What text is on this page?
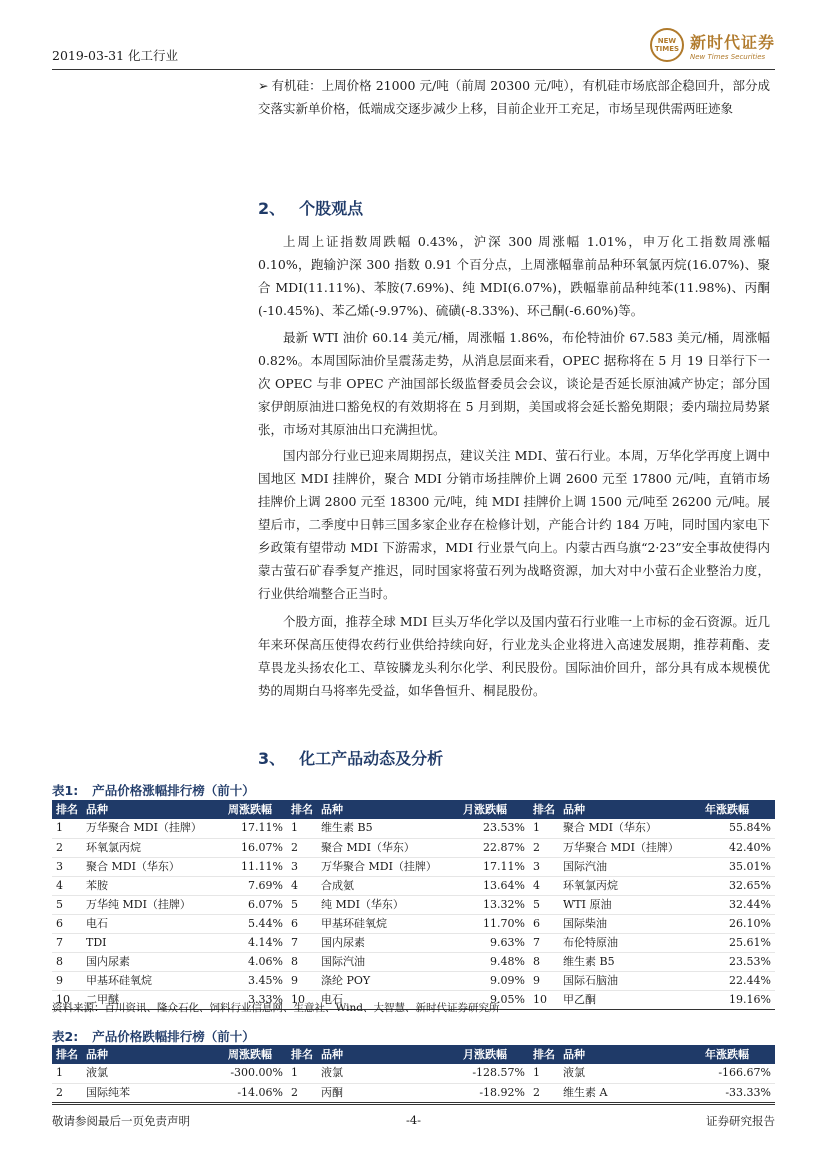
2019-03-31 化工行业
NEW TIMES 新时代证券
New Times Securities
➢ 有机硅：上周价格 21000 元/吨（前周 20300 元/吨），有机硅市场底部企稳回升，部分成交落实新单价格，低端成交逐步减少上移，目前企业开工充足，市场呈现供需两旺迹象
2、 个股观点
上周上证指数周跌幅 0.43%，沪深 300 周涨幅 1.01%，申万化工指数周涨幅 0.10%，跑输沪深 300 指数 0.91 个百分点，上周涨幅靠前品种环氧氯丙烷(16.07%)、聚合 MDI(11.11%)、苯胺(7.69%)、纯 MDI(6.07%)，跌幅靠前品种纯苯(11.98%)、丙酮(-10.45%)、苯乙烯(-9.97%)、硫磺(-8.33%)、环己酮(-6.60%)等。
最新 WTI 油价 60.14 美元/桶，周涨幅 1.86%，布伦特油价 67.583 美元/桶，周涨幅 0.82%。本周国际油价呈震荡走势，从消息层面来看，OPEC 据称将在 5 月 19 日举行下一次 OPEC 与非 OPEC 产油国部长级监督委员会会议，谈论是否延长原油减产协定；部分国家伊朗原油进口豁免权的有效期将在 5 月到期，美国或将会延长豁免期限；委内瑞拉局势紧张，市场对其原油出口充满担忧。
国内部分行业已迎来周期拐点，建议关注 MDI、萤石行业。本周，万华化学再度上调中国地区 MDI 挂牌价，聚合 MDI 分销市场挂牌价上调 2600 元至 17800 元/吨，直销市场挂牌价上调 2800 元至 18300 元/吨，纯 MDI 挂牌价上调 1500 元/吨至 26200 元/吨。展望后市，二季度中日韩三国多家企业存在检修计划，产能合计约 184 万吨，同时国内家电下乡政策有望带动 MDI 下游需求，MDI 行业景气向上。内蒙古西乌旗“2·23”安全事故使得内蒙古萤石矿春季复产推迟，同时国家将萤石列为战略资源，加大对中小萤石企业整治力度，行业供给端整合正当时。
个股方面，推荐全球 MDI 巨头万华化学以及国内萤石行业唯一上市标的金石资源。近几年来环保高压使得农药行业供给持续向好，行业龙头企业将进入高速发展期，推荐莉酯、麦草畏龙头扬农化工、草铵膦龙头利尔化学、利民股份。国际油价回升，部分具有成本规模优势的周期白马将率先受益，如华鲁恒升、桐昆股份。
3、 化工产品动态及分析
表1: 产品价格涨幅排行榜（前十）
排名	品种	周涨跌幅	排名	品种	月涨跌幅	排名	品种	年涨跌幅
1	万华聚合 MDI（挂牌）	17.11%	1	维生素 B5	23.53%	1	聚合 MDI（华东）	55.84%
2	环氧氯丙烷	16.07%	2	聚合 MDI（华东）	22.87%	2	万华聚合 MDI（挂牌）	42.40%
3	聚合 MDI（华东）	11.11%	3	万华聚合 MDI（挂牌）	17.11%	3	国际汽油	35.01%
4	苯胺	7.69%	4	合成氨	13.64%	4	环氧氯丙烷	32.65%
5	万华纯 MDI（挂牌）	6.07%	5	纯 MDI（华东）	13.32%	5	WTI 原油	32.44%
6	电石	5.44%	6	甲基环硅氧烷	11.70%	6	国际柴油	26.10%
7	TDI	4.14%	7	国内尿素	9.63%	7	布伦特原油	25.61%
8	国内尿素	4.06%	8	国际汽油	9.48%	8	维生素 B5	23.53%
9	甲基环硅氧烷	3.45%	9	涤纶 POY	9.09%	9	国际石脑油	22.44%
10	二甲醚	3.33%	10	电石	9.05%	10	甲乙酮	19.16%
资料来源：百川资讯、隆众石化、饲料行业信息网、生意社、Wind、大智慧、新时代证券研究所
表2: 产品价格跌幅排行榜（前十）
排名	品种	周涨跌幅	排名	品种	月涨跌幅	排名	品种	年涨跌幅
1	液氯	-300.00%	1	液氯	-128.57%	1	液氯	-166.67%
2	国际纯苯	-14.06%	2	丙酮	-18.92%	2	维生素 A	-33.33%
敬请参阅最后一页免责声明	-4-	证券研究报告
